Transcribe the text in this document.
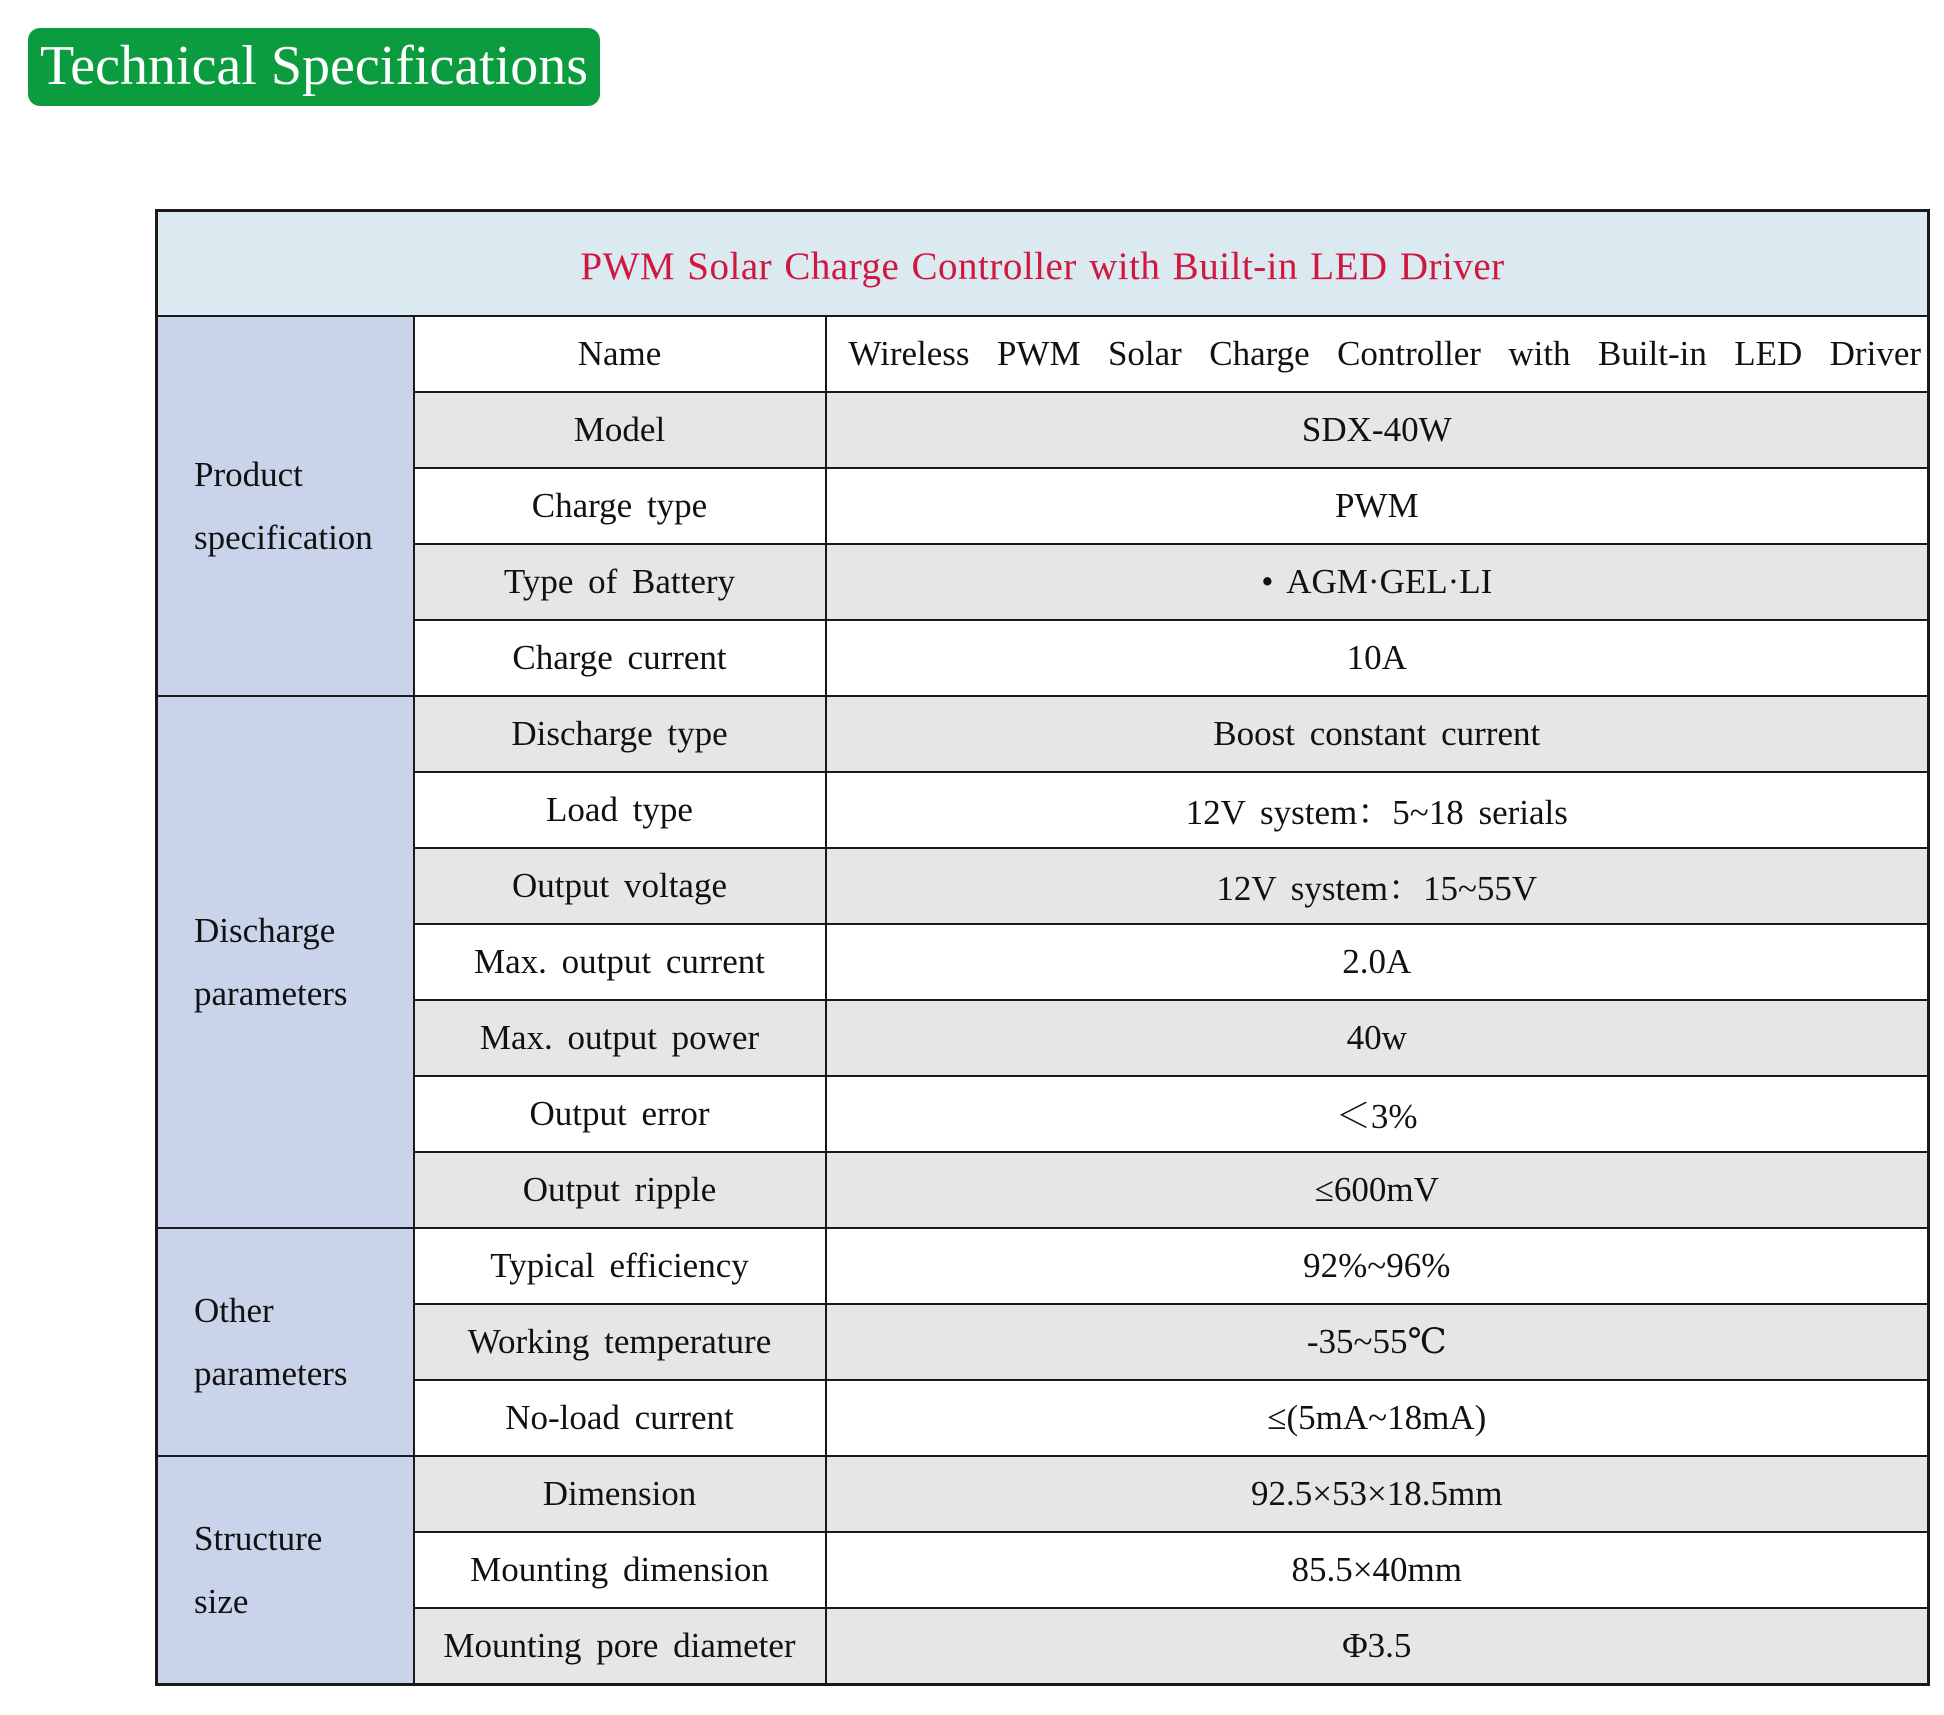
Technical Specifications
PWM Solar Charge Controller with Built-in LED Driver		
Product
specification	Name	Wireless PWM Solar Charge Controller with Built-in LED Driver
	Model	SDX-40W
	Charge type	PWM
	Type of Battery	• AGM·GEL·LI
	Charge current	10A
Discharge
parameters	Discharge type	Boost constant current
	Load type	12V system：5~18 serials
	Output voltage	12V system：15~55V
	Max. output current	2.0A
	Max. output power	40w
	Output error	＜3%
	Output ripple	≤600mV
Other
parameters	Typical efficiency	92%~96%
	Working temperature	-35~55℃
	No-load current	≤(5mA~18mA)
Structure
size	Dimension	92.5×53×18.5mm
	Mounting dimension	85.5×40mm
	Mounting pore diameter	Φ3.5
